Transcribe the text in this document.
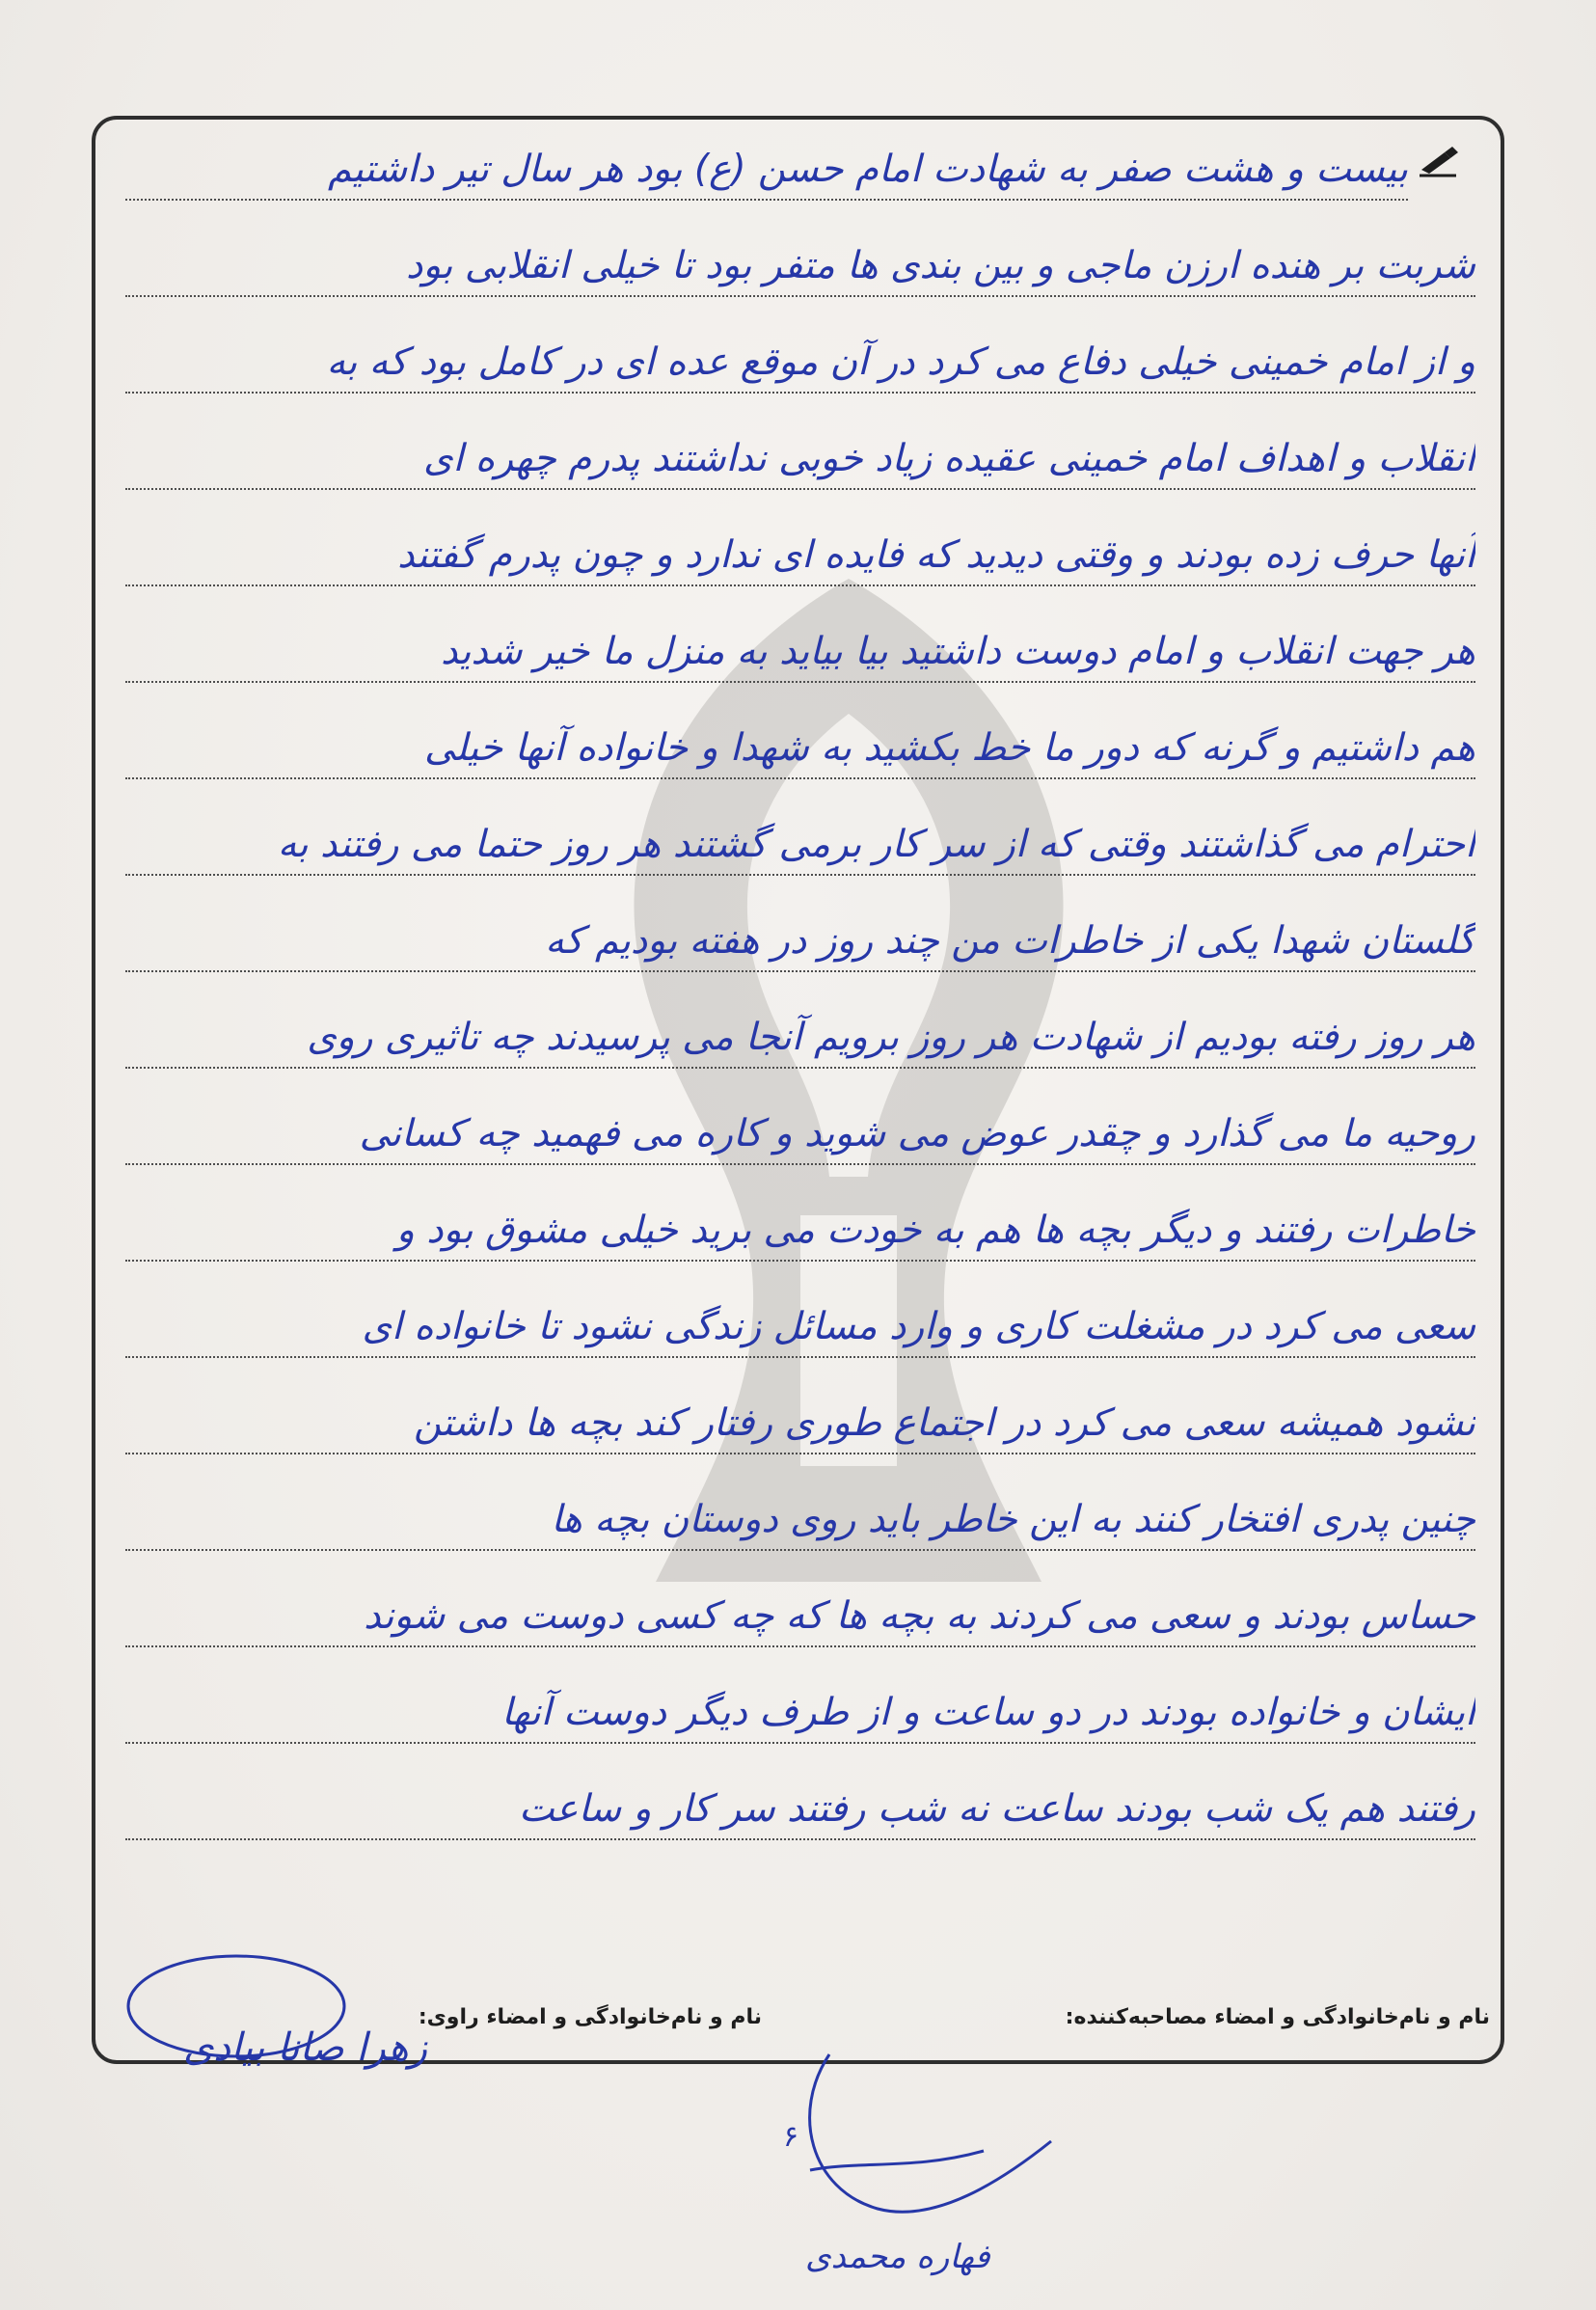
بیست و هشت صفر به شهادت امام حسن (ع) بود هر سال تیر داشتیم
شربت بر هنده ارزن ماجی و بین بندی ها متفر بود تا خیلی انقلابی بود
و از امام خمینی خیلی دفاع می کرد در آن موقع عده ای در کامل بود که به
انقلاب و اهداف امام خمینی عقیده زیاد خوبی نداشتند پدرم چهره ای
آنها حرف زده بودند و وقتی دیدید که فایده ای ندارد و چون پدرم گفتند
هر جهت انقلاب و امام دوست داشتید بیا بیاید به منزل ما خیر شدید
هم داشتیم و گرنه که دور ما خط بکشید به شهدا و خانواده آنها خیلی
احترام می گذاشتند وقتی که از سر کار برمی گشتند هر روز حتما می رفتند به
گلستان شهدا یکی از خاطرات من چند روز در هفته بودیم که
هر روز رفته بودیم از شهادت هر روز برویم آنجا می پرسیدند چه تاثیری روی
روحیه ما می گذارد و چقدر عوض می شوید و کاره می فهمید چه کسانی
خاطرات رفتند و دیگر بچه ها هم به خودت می برید خیلی مشوق بود و
سعی می کرد در مشغلت کاری و وارد مسائل زندگی نشود تا خانواده ای
نشود همیشه سعی می کرد در اجتماع طوری رفتار کند بچه ها داشتن
چنین پدری افتخار کنند به این خاطر باید روی دوستان بچه ها
حساس بودند و سعی می کردند به بچه ها که چه کسی دوست می شوند
ایشان و خانواده بودند در دو ساعت و از طرف دیگر دوست آنها
رفتند هم یک شب بودند ساعت نه شب رفتند سر کار و ساعت
نام و نام‌خانوادگی و امضاء مصاحبه‌کننده:
نام و نام‌خانوادگی و امضاء راوی:
زهرا صانا بیادی
۶
فهاره محمدی
